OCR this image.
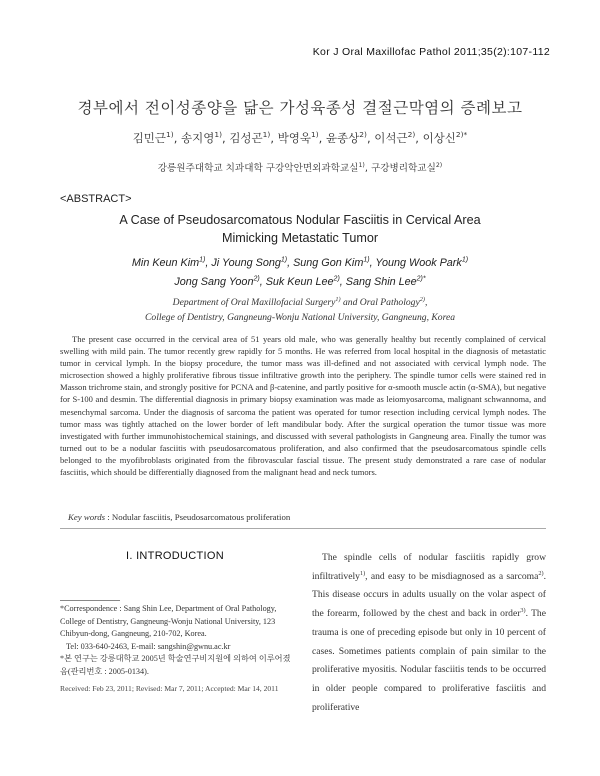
Kor J Oral Maxillofac Pathol 2011;35(2):107-112
경부에서 전이성종양을 닮은 가성육종성 결절근막염의 증례보고
김민근$^{1)}$, 송지영$^{1)}$, 김성곤$^{1)}$, 박영욱$^{1)}$, 윤종상$^{2)}$, 이석근$^{2)}$, 이상신$^{2)*}$
강릉원주대학교 치과대학 구강악안면외과학교실$^{1)}$, 구강병리학교실$^{2)}$
<ABSTRACT>
A Case of Pseudosarcomatous Nodular Fasciitis in Cervical Area
Mimicking Metastatic Tumor
Min Keun Kim$^{1)}$, Ji Young Song$^{1)}$, Sung Gon Kim$^{1)}$, Young Wook Park$^{1)}$
Jong Sang Yoon$^{2)}$, Suk Keun Lee$^{2)}$, Sang Shin Lee$^{2)*}$
Department of Oral Maxillofacial Surgery$^{1)}$ and Oral Pathology$^{2)}$,
College of Dentistry, Gangneung-Wonju National University, Gangneung, Korea

The present case occurred in the cervical area of 51 years old male, who was generally healthy but recently complained of cervical swelling with mild pain. The tumor recently grew rapidly for 5 months. He was referred from local hospital in the diagnosis of metastatic tumor in cervical lymph. In the biopsy procedure, the tumor mass was ill-defined and not associated with cervical lymph node. The microsection showed a highly proliferative fibrous tissue infiltrative growth into the periphery. The spindle tumor cells were stained red in Masson trichrome stain, and strongly positive for PCNA and β-catenine, and partly positive for α-smooth muscle actin (α-SMA), but negative for S-100 and desmin. The differential diagnosis in primary biopsy examination was made as leiomyosarcoma, malignant schwannoma, and mesenchymal sarcoma. Under the diagnosis of sarcoma the patient was operated for tumor resection including cervical lymph nodes. The tumor mass was tightly attached on the lower border of left mandibular body. After the surgical operation the tumor tissue was more investigated with further immunohistochemical stainings, and discussed with several pathologists in Gangneung area. Finally the tumor was turned out to be a nodular fasciitis with pseudosarcomatous proliferation, and also confirmed that the pseudosarcomatous spindle cells belonged to the myofibroblasts originated from the fibrovascular fascial tissue. The present study demonstrated a rare case of nodular fasciitis, which should be differentially diagnosed from the malignant head and neck tumors.

Key words : Nodular fasciitis, Pseudosarcomatous proliferation
I. INTRODUCTION

*Correspondence : Sang Shin Lee, Department of Oral Pathology, College of Dentistry, Gangneung-Wonju National University, 123 Chibyun-dong, Gangneung, 210-702, Korea.

Tel: 033-640-2463, E-mail: sangshin@gwnu.ac.kr

*본 연구는 강릉대학교 2005년 학술연구비지원에 의하여 이루어졌음(관리번호 : 2005-0134).

Received: Feb 23, 2011; Revised: Mar 7, 2011; Accepted: Mar 14, 2011

The spindle cells of nodular fasciitis rapidly grow infiltratively$^{1)}$, and easy to be misdiagnosed as a sarcoma$^{2)}$. This disease occurs in adults usually on the volar aspect of the forearm, followed by the chest and back in order$^{3)}$. The trauma is one of preceding episode but only in 10 percent of cases. Sometimes patients complain of pain similar to the proliferative myositis. Nodular fasciitis tends to be occurred in older people compared to proliferative fasciitis and proliferative
